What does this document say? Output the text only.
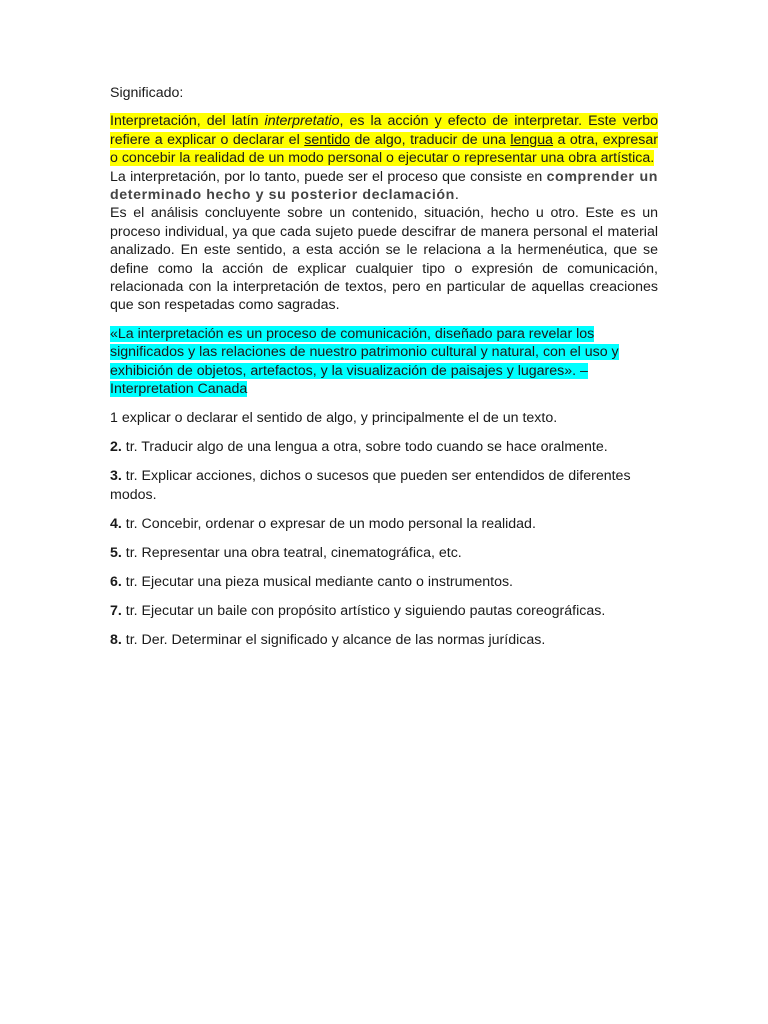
Significado:

Interpretación, del latín interpretatio, es la acción y efecto de interpretar. Este verbo refiere a explicar o declarar el sentido de algo, traducir de una lengua a otra, expresar o concebir la realidad de un modo personal o ejecutar o representar una obra artística.

La interpretación, por lo tanto, puede ser el proceso que consiste en comprender un determinado hecho y su posterior declamación.

Es el análisis concluyente sobre un contenido, situación, hecho u otro. Este es un proceso individual, ya que cada sujeto puede descifrar de manera personal el material analizado. En este sentido, a esta acción se le relaciona a la hermenéutica, que se define como la acción de explicar cualquier tipo o expresión de comunicación, relacionada con la interpretación de textos, pero en particular de aquellas creaciones que son respetadas como sagradas.

«La interpretación es un proceso de comunicación, diseñado para revelar los significados y las relaciones de nuestro patrimonio cultural y natural, con el uso y exhibición de objetos, artefactos, y la visualización de paisajes y lugares». – Interpretation Canada

1 explicar o declarar el sentido de algo, y principalmente el de un texto.

2. tr. Traducir algo de una lengua a otra, sobre todo cuando se hace oralmente.

3. tr. Explicar acciones, dichos o sucesos que pueden ser entendidos de diferentes modos.

4. tr. Concebir, ordenar o expresar de un modo personal la realidad.

5. tr. Representar una obra teatral, cinematográfica, etc.

6. tr. Ejecutar una pieza musical mediante canto o instrumentos.

7. tr. Ejecutar un baile con propósito artístico y siguiendo pautas coreográficas.

8. tr. Der. Determinar el significado y alcance de las normas jurídicas.
